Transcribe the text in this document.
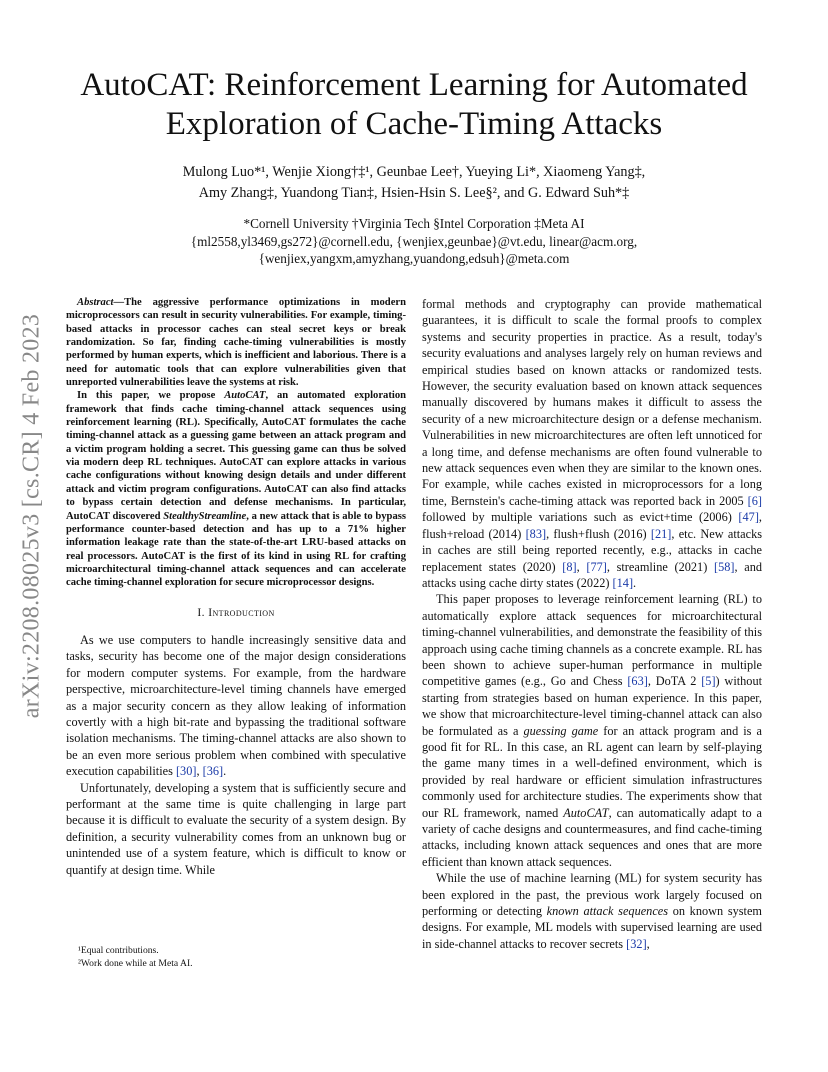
arXiv:2208.08025v3 [cs.CR] 4 Feb 2023
AutoCAT: Reinforcement Learning for Automated
Exploration of Cache-Timing Attacks
Mulong Luo*¹, Wenjie Xiong†‡¹, Geunbae Lee†, Yueying Li*, Xiaomeng Yang‡,
Amy Zhang‡, Yuandong Tian‡, Hsien-Hsin S. Lee§², and G. Edward Suh*‡
*Cornell University †Virginia Tech §Intel Corporation ‡Meta AI
{ml2558,yl3469,gs272}@cornell.edu, {wenjiex,geunbae}@vt.edu, linear@acm.org,
{wenjiex,yangxm,amyzhang,yuandong,edsuh}@meta.com

Abstract—The aggressive performance optimizations in modern microprocessors can result in security vulnerabilities. For example, timing-based attacks in processor caches can steal secret keys or break randomization. So far, finding cache-timing vulnerabilities is mostly performed by human experts, which is inefficient and laborious. There is a need for automatic tools that can explore vulnerabilities given that unreported vulnerabilities leave the systems at risk.

In this paper, we propose AutoCAT, an automated exploration framework that finds cache timing-channel attack sequences using reinforcement learning (RL). Specifically, AutoCAT formulates the cache timing-channel attack as a guessing game between an attack program and a victim program holding a secret. This guessing game can thus be solved via modern deep RL techniques. AutoCAT can explore attacks in various cache configurations without knowing design details and under different attack and victim program configurations. AutoCAT can also find attacks to bypass certain detection and defense mechanisms. In particular, AutoCAT discovered StealthyStreamline, a new attack that is able to bypass performance counter-based detection and has up to a 71% higher information leakage rate than the state-of-the-art LRU-based attacks on real processors. AutoCAT is the first of its kind in using RL for crafting microarchitectural timing-channel attack sequences and can accelerate cache timing-channel exploration for secure microprocessor designs.

I. Introduction

As we use computers to handle increasingly sensitive data and tasks, security has become one of the major design considerations for modern computer systems. For example, from the hardware perspective, microarchitecture-level timing channels have emerged as a major security concern as they allow leaking of information covertly with a high bit-rate and bypassing the traditional software isolation mechanisms. The timing-channel attacks are also shown to be an even more serious problem when combined with speculative execution capabilities [30], [36].

Unfortunately, developing a system that is sufficiently secure and performant at the same time is quite challenging in large part because it is difficult to evaluate the security of a system design. By definition, a security vulnerability comes from an unknown bug or unintended use of a system feature, which is difficult to know or quantify at design time. While

¹Equal contributions.
²Work done while at Meta AI.

formal methods and cryptography can provide mathematical guarantees, it is difficult to scale the formal proofs to complex systems and security properties in practice. As a result, today's security evaluations and analyses largely rely on human reviews and empirical studies based on known attacks or randomized tests. However, the security evaluation based on known attack sequences manually discovered by humans makes it difficult to assess the security of a new microarchitecture design or a defense mechanism. Vulnerabilities in new microarchitectures are often left unnoticed for a long time, and defense mechanisms are often found vulnerable to new attack sequences even when they are similar to the known ones. For example, while caches existed in microprocessors for a long time, Bernstein's cache-timing attack was reported back in 2005 [6] followed by multiple variations such as evict+time (2006) [47], flush+reload (2014) [83], flush+flush (2016) [21], etc. New attacks in caches are still being reported recently, e.g., attacks in cache replacement states (2020) [8], [77], streamline (2021) [58], and attacks using cache dirty states (2022) [14].

This paper proposes to leverage reinforcement learning (RL) to automatically explore attack sequences for microarchitectural timing-channel vulnerabilities, and demonstrate the feasibility of this approach using cache timing channels as a concrete example. RL has been shown to achieve super-human performance in multiple competitive games (e.g., Go and Chess [63], DoTA 2 [5]) without starting from strategies based on human experience. In this paper, we show that microarchitecture-level timing-channel attack can also be formulated as a guessing game for an attack program and is a good fit for RL. In this case, an RL agent can learn by self-playing the game many times in a well-defined environment, which is provided by real hardware or efficient simulation infrastructures commonly used for architecture studies. The experiments show that our RL framework, named AutoCAT, can automatically adapt to a variety of cache designs and countermeasures, and find cache-timing attacks, including known attack sequences and ones that are more efficient than known attack sequences.

While the use of machine learning (ML) for system security has been explored in the past, the previous work largely focused on performing or detecting known attack sequences on known system designs. For example, ML models with supervised learning are used in side-channel attacks to recover secrets [32],
